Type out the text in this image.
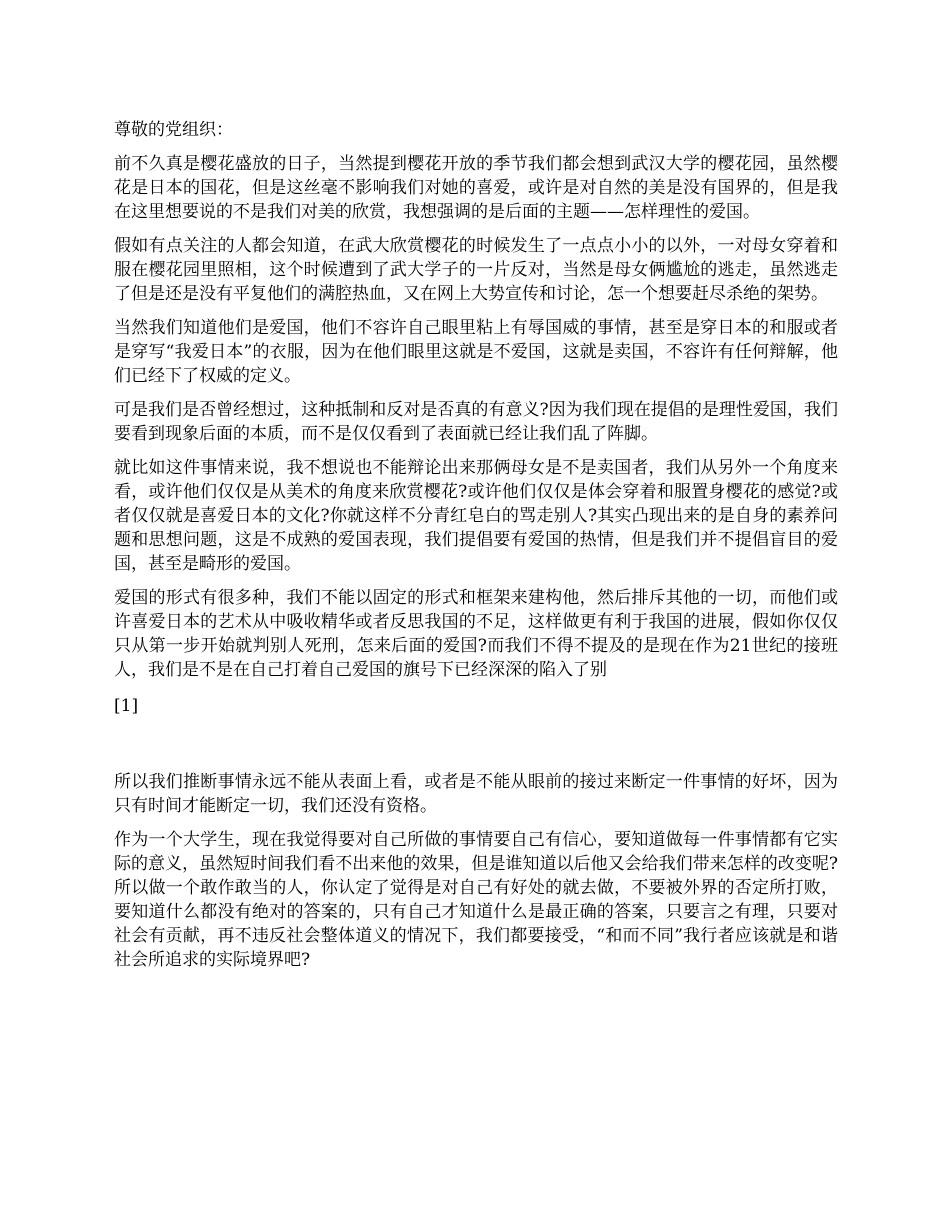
尊敬的党组织：

前不久真是樱花盛放的日子，当然提到樱花开放的季节我们都会想到武汉大学的樱花园，虽然樱花是日本的国花，但是这丝毫不影响我们对她的喜爱，或许是对自然的美是没有国界的，但是我在这里想要说的不是我们对美的欣赏，我想强调的是后面的主题——怎样理性的爱国。

假如有点关注的人都会知道，在武大欣赏樱花的时候发生了一点点小小的以外，一对母女穿着和服在樱花园里照相，这个时候遭到了武大学子的一片反对，当然是母女俩尴尬的逃走，虽然逃走了但是还是没有平复他们的满腔热血，又在网上大势宣传和讨论，怎一个想要赶尽杀绝的架势。

当然我们知道他们是爱国，他们不容许自己眼里粘上有辱国威的事情，甚至是穿日本的和服或者是穿写“我爱日本”的衣服，因为在他们眼里这就是不爱国，这就是卖国，不容许有任何辩解，他们已经下了权威的定义。

可是我们是否曾经想过，这种抵制和反对是否真的有意义?因为我们现在提倡的是理性爱国，我们要看到现象后面的本质，而不是仅仅看到了表面就已经让我们乱了阵脚。

就比如这件事情来说，我不想说也不能辩论出来那俩母女是不是卖国者，我们从另外一个角度来看，或许他们仅仅是从美术的角度来欣赏樱花?或许他们仅仅是体会穿着和服置身樱花的感觉?或者仅仅就是喜爱日本的文化?你就这样不分青红皂白的骂走别人?其实凸现出来的是自身的素养问题和思想问题，这是不成熟的爱国表现，我们提倡要有爱国的热情，但是我们并不提倡盲目的爱国，甚至是畸形的爱国。

爱国的形式有很多种，我们不能以固定的形式和框架来建构他，然后排斥其他的一切，而他们或许喜爱日本的艺术从中吸收精华或者反思我国的不足，这样做更有利于我国的进展，假如你仅仅只从第一步开始就判别人死刑，怎来后面的爱国?而我们不得不提及的是现在作为21世纪的接班人，我们是不是在自己打着自己爱国的旗号下已经深深的陷入了别

[1]

所以我们推断事情永远不能从表面上看，或者是不能从眼前的接过来断定一件事情的好坏，因为只有时间才能断定一切，我们还没有资格。

作为一个大学生，现在我觉得要对自己所做的事情要自己有信心，要知道做每一件事情都有它实际的意义，虽然短时间我们看不出来他的效果，但是谁知道以后他又会给我们带来怎样的改变呢?所以做一个敢作敢当的人，你认定了觉得是对自己有好处的就去做，不要被外界的否定所打败，要知道什么都没有绝对的答案的，只有自己才知道什么是最正确的答案，只要言之有理，只要对社会有贡献，再不违反社会整体道义的情况下，我们都要接受，“和而不同”我行者应该就是和谐社会所追求的实际境界吧?
